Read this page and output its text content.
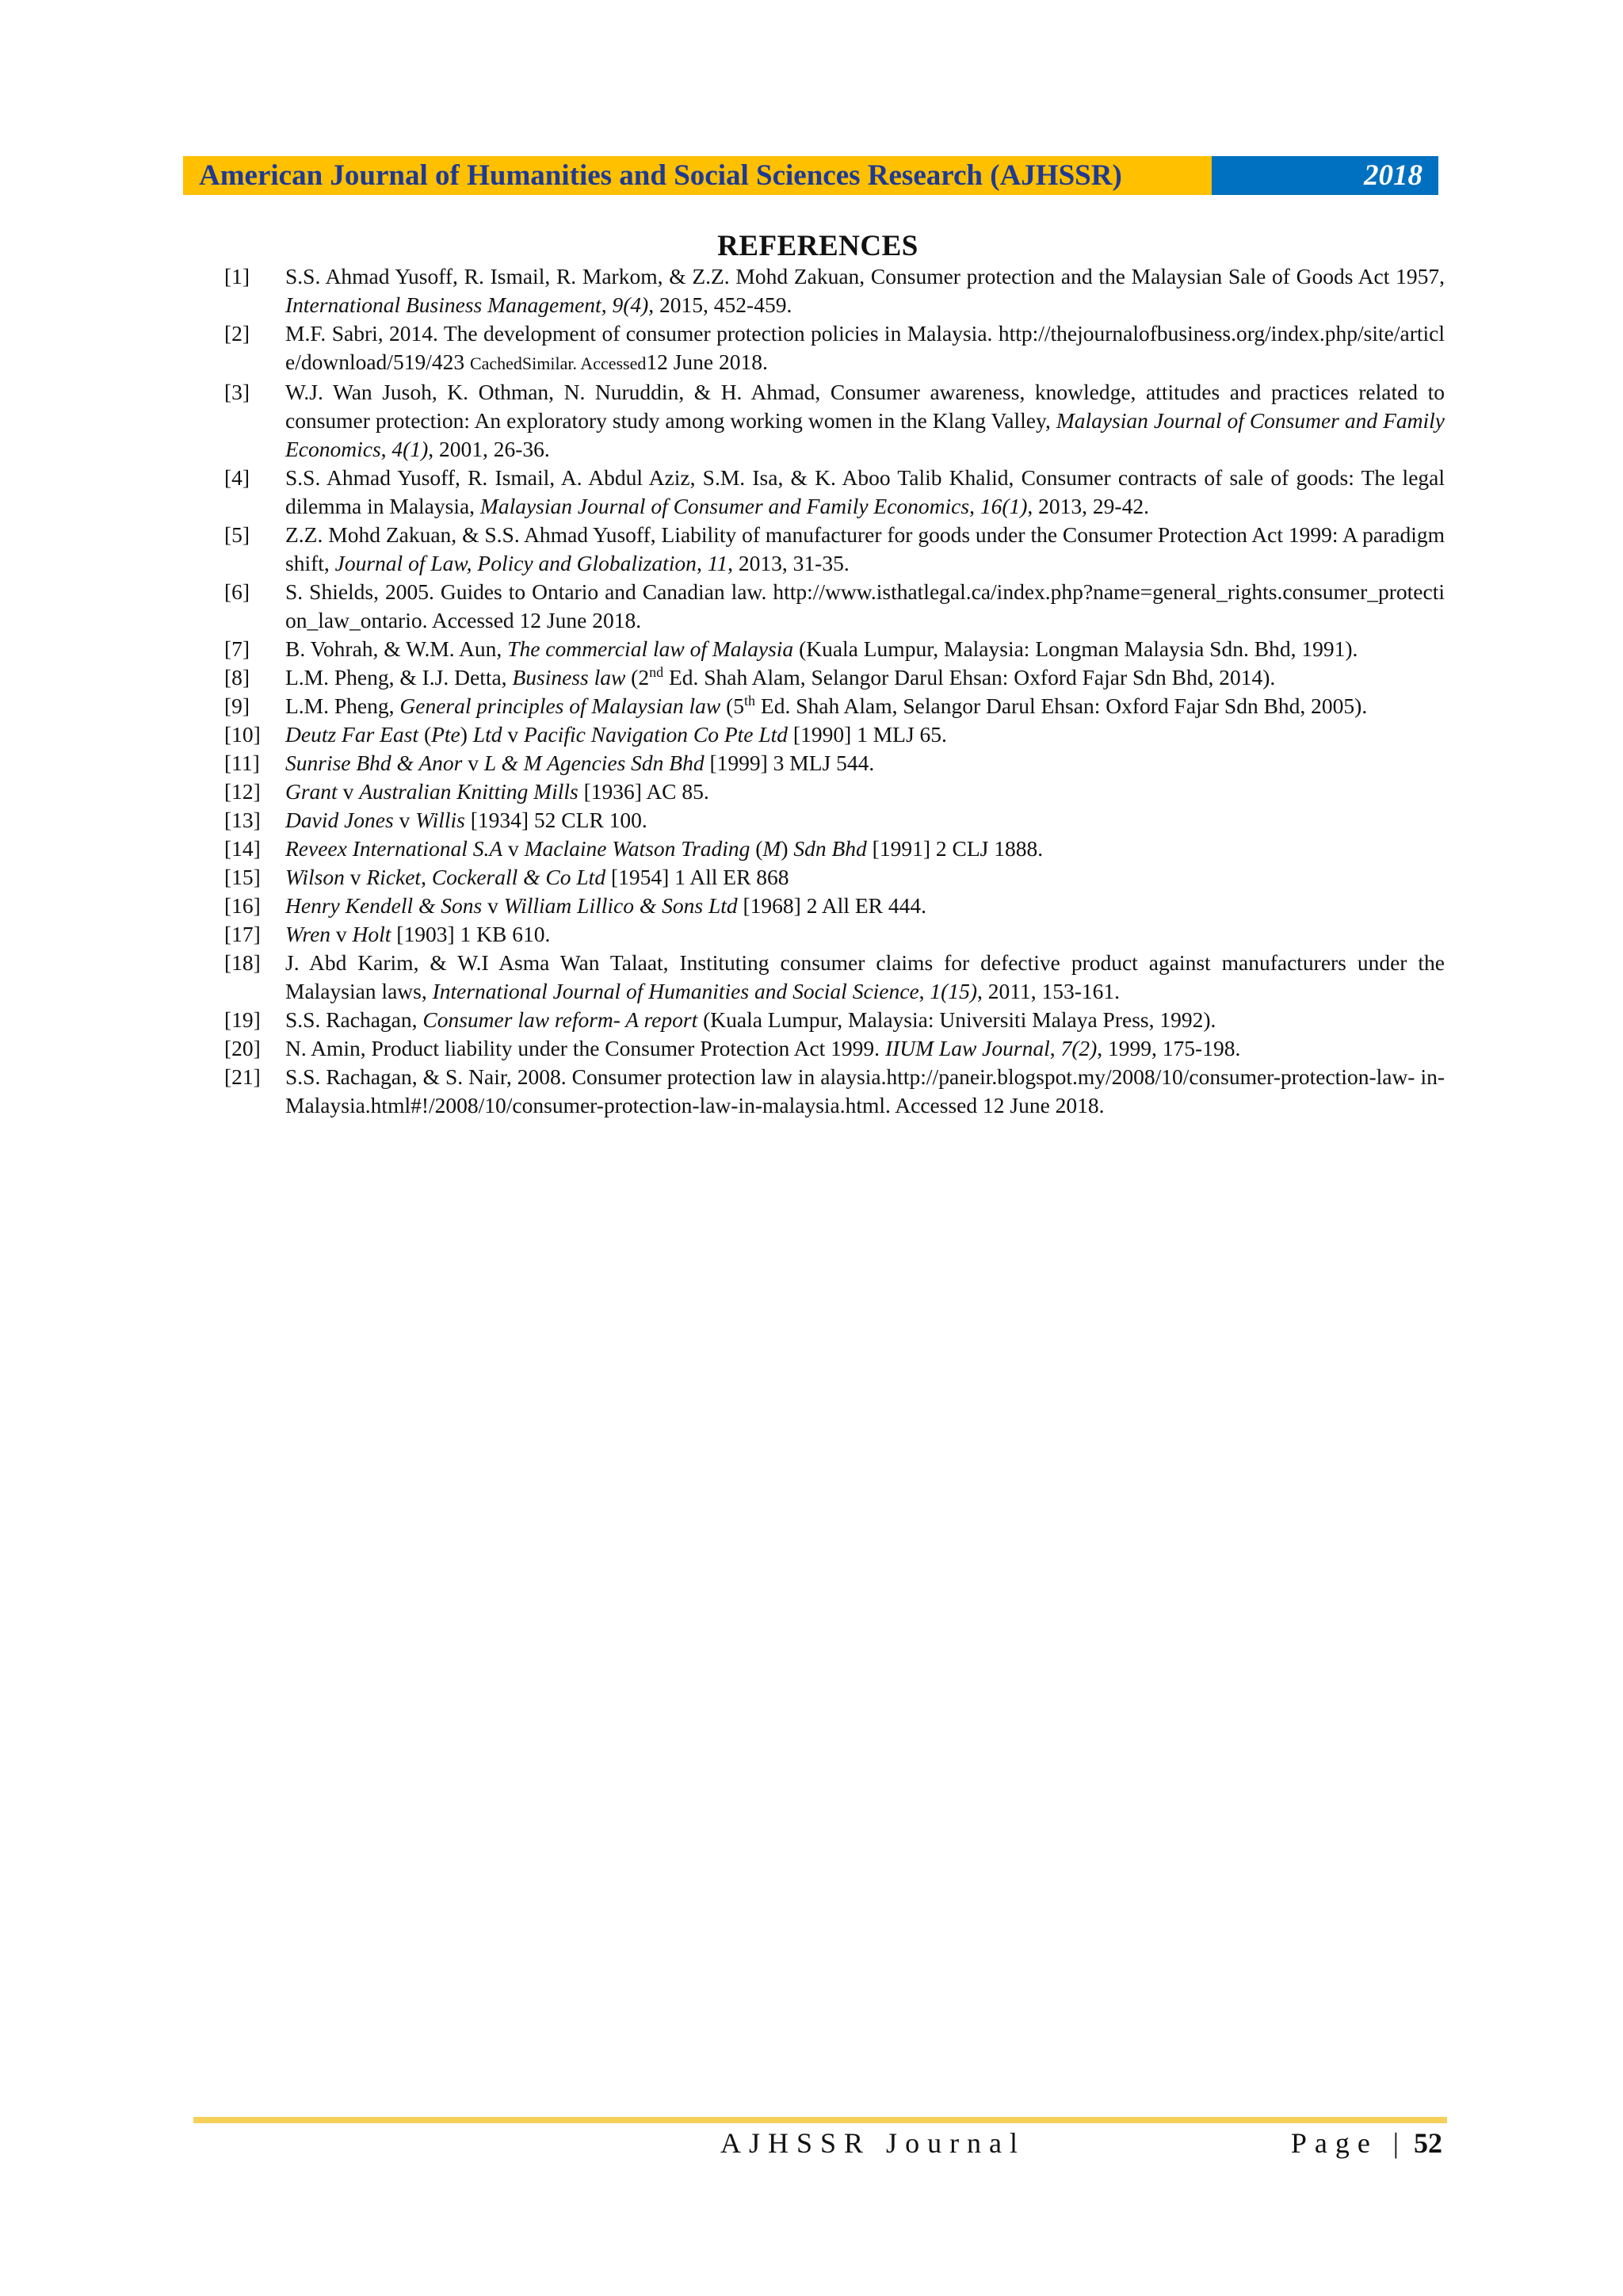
American Journal of Humanities and Social Sciences Research (AJHSSR)	2018
REFERENCES
[1] S.S. Ahmad Yusoff, R. Ismail, R. Markom, & Z.Z. Mohd Zakuan, Consumer protection and the Malaysian Sale of Goods Act 1957, International Business Management, 9(4), 2015, 452-459.
[2] M.F. Sabri, 2014. The development of consumer protection policies in Malaysia. http://thejournalofbusiness.org/index.php/site/article/download/519/423 CachedSimilar. Accessed12 June 2018.
[3] W.J. Wan Jusoh, K. Othman, N. Nuruddin, & H. Ahmad, Consumer awareness, knowledge, attitudes and practices related to consumer protection: An exploratory study among working women in the Klang Valley, Malaysian Journal of Consumer and Family Economics, 4(1), 2001, 26-36.
[4] S.S. Ahmad Yusoff, R. Ismail, A. Abdul Aziz, S.M. Isa, & K. Aboo Talib Khalid, Consumer contracts of sale of goods: The legal dilemma in Malaysia, Malaysian Journal of Consumer and Family Economics, 16(1), 2013, 29-42.
[5] Z.Z. Mohd Zakuan, & S.S. Ahmad Yusoff, Liability of manufacturer for goods under the Consumer Protection Act 1999: A paradigm shift, Journal of Law, Policy and Globalization, 11, 2013, 31-35.
[6] S. Shields, 2005. Guides to Ontario and Canadian law. http://www.isthatlegal.ca/index.php?name=general_rights.consumer_protection_law_ontario. Accessed 12 June 2018.
[7] B. Vohrah, & W.M. Aun, The commercial law of Malaysia (Kuala Lumpur, Malaysia: Longman Malaysia Sdn. Bhd, 1991).
[8] L.M. Pheng, & I.J. Detta, Business law (2nd Ed. Shah Alam, Selangor Darul Ehsan: Oxford Fajar Sdn Bhd, 2014).
[9] L.M. Pheng, General principles of Malaysian law (5th Ed. Shah Alam, Selangor Darul Ehsan: Oxford Fajar Sdn Bhd, 2005).
[10] Deutz Far East (Pte) Ltd v Pacific Navigation Co Pte Ltd [1990] 1 MLJ 65.
[11] Sunrise Bhd & Anor v L & M Agencies Sdn Bhd [1999] 3 MLJ 544.
[12] Grant v Australian Knitting Mills [1936] AC 85.
[13] David Jones v Willis [1934] 52 CLR 100.
[14] Reveex International S.A v Maclaine Watson Trading (M) Sdn Bhd [1991] 2 CLJ 1888.
[15] Wilson v Ricket, Cockerall & Co Ltd [1954] 1 All ER 868
[16] Henry Kendell & Sons v William Lillico & Sons Ltd [1968] 2 All ER 444.
[17] Wren v Holt [1903] 1 KB 610.
[18] J. Abd Karim, & W.I Asma Wan Talaat, Instituting consumer claims for defective product against manufacturers under the Malaysian laws, International Journal of Humanities and Social Science, 1(15), 2011, 153-161.
[19] S.S. Rachagan, Consumer law reform- A report (Kuala Lumpur, Malaysia: Universiti Malaya Press, 1992).
[20] N. Amin, Product liability under the Consumer Protection Act 1999. IIUM Law Journal, 7(2), 1999, 175-198.
[21] S.S. Rachagan, & S. Nair, 2008. Consumer protection law in alaysia.http://paneir.blogspot.my/2008/10/consumer-protection-law- in- Malaysia.html#!/2008/10/consumer-protection-law-in-malaysia.html. Accessed 12 June 2018.
AJHSSR Journal	Page | 52
